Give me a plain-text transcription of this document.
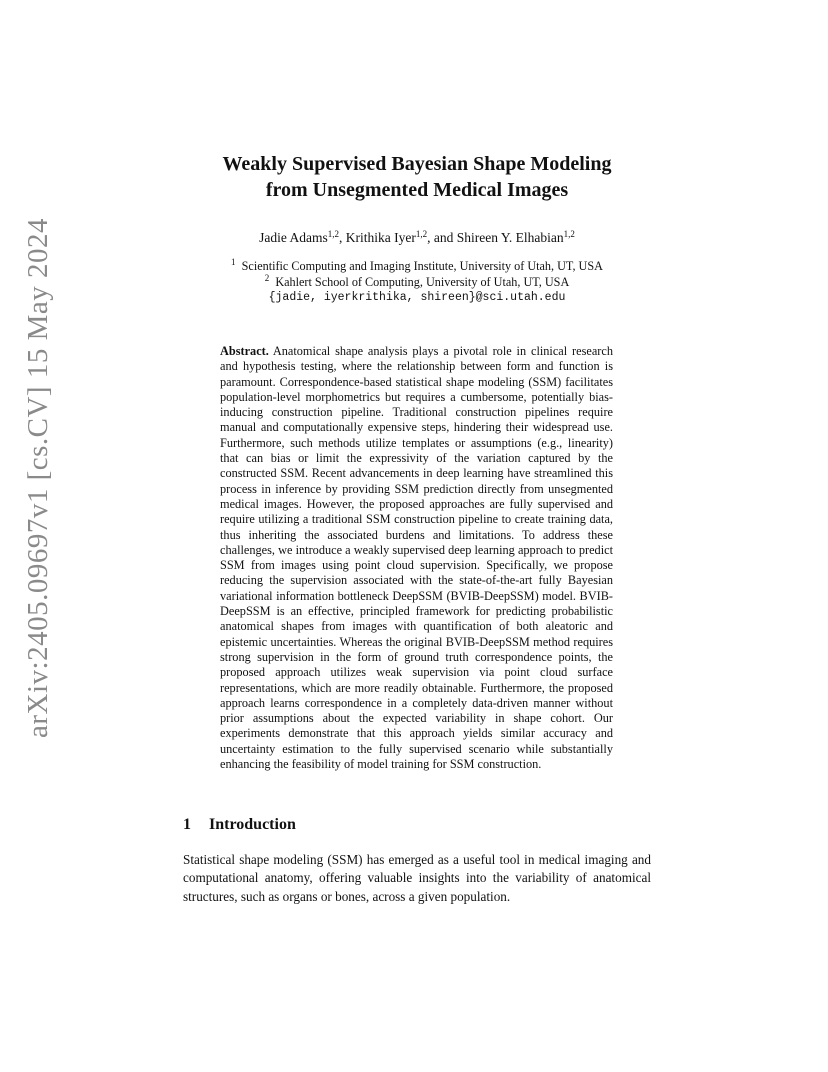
arXiv:2405.09697v1 [cs.CV] 15 May 2024
Weakly Supervised Bayesian Shape Modeling
from Unsegmented Medical Images
Jadie Adams$^{1,2}$, Krithika Iyer$^{1,2}$, and Shireen Y. Elhabian$^{1,2}$
$^1$ Scientific Computing and Imaging Institute, University of Utah, UT, USA
$^2$ Kahlert School of Computing, University of Utah, UT, USA
{jadie, iyerkrithika, shireen}@sci.utah.edu
Abstract. Anatomical shape analysis plays a pivotal role in clinical research and hypothesis testing, where the relationship between form and function is paramount. Correspondence-based statistical shape modeling (SSM) facilitates population-level morphometrics but requires a cumbersome, potentially bias-inducing construction pipeline. Traditional construction pipelines require manual and computationally expensive steps, hindering their widespread use. Furthermore, such methods utilize templates or assumptions (e.g., linearity) that can bias or limit the expressivity of the variation captured by the constructed SSM. Recent advancements in deep learning have streamlined this process in inference by providing SSM prediction directly from unsegmented medical images. However, the proposed approaches are fully supervised and require utilizing a traditional SSM construction pipeline to create training data, thus inheriting the associated burdens and limitations. To address these challenges, we introduce a weakly supervised deep learning approach to predict SSM from images using point cloud supervision. Specifically, we propose reducing the supervision associated with the state-of-the-art fully Bayesian variational information bottleneck DeepSSM (BVIB-DeepSSM) model. BVIB-DeepSSM is an effective, principled framework for predicting probabilistic anatomical shapes from images with quantification of both aleatoric and epistemic uncertainties. Whereas the original BVIB-DeepSSM method requires strong supervision in the form of ground truth correspondence points, the proposed approach utilizes weak supervision via point cloud surface representations, which are more readily obtainable. Furthermore, the proposed approach learns correspondence in a completely data-driven manner without prior assumptions about the expected variability in shape cohort. Our experiments demonstrate that this approach yields similar accuracy and uncertainty estimation to the fully supervised scenario while substantially enhancing the feasibility of model training for SSM construction.
1 Introduction
Statistical shape modeling (SSM) has emerged as a useful tool in medical imaging and computational anatomy, offering valuable insights into the variability of anatomical structures, such as organs or bones, across a given population.
